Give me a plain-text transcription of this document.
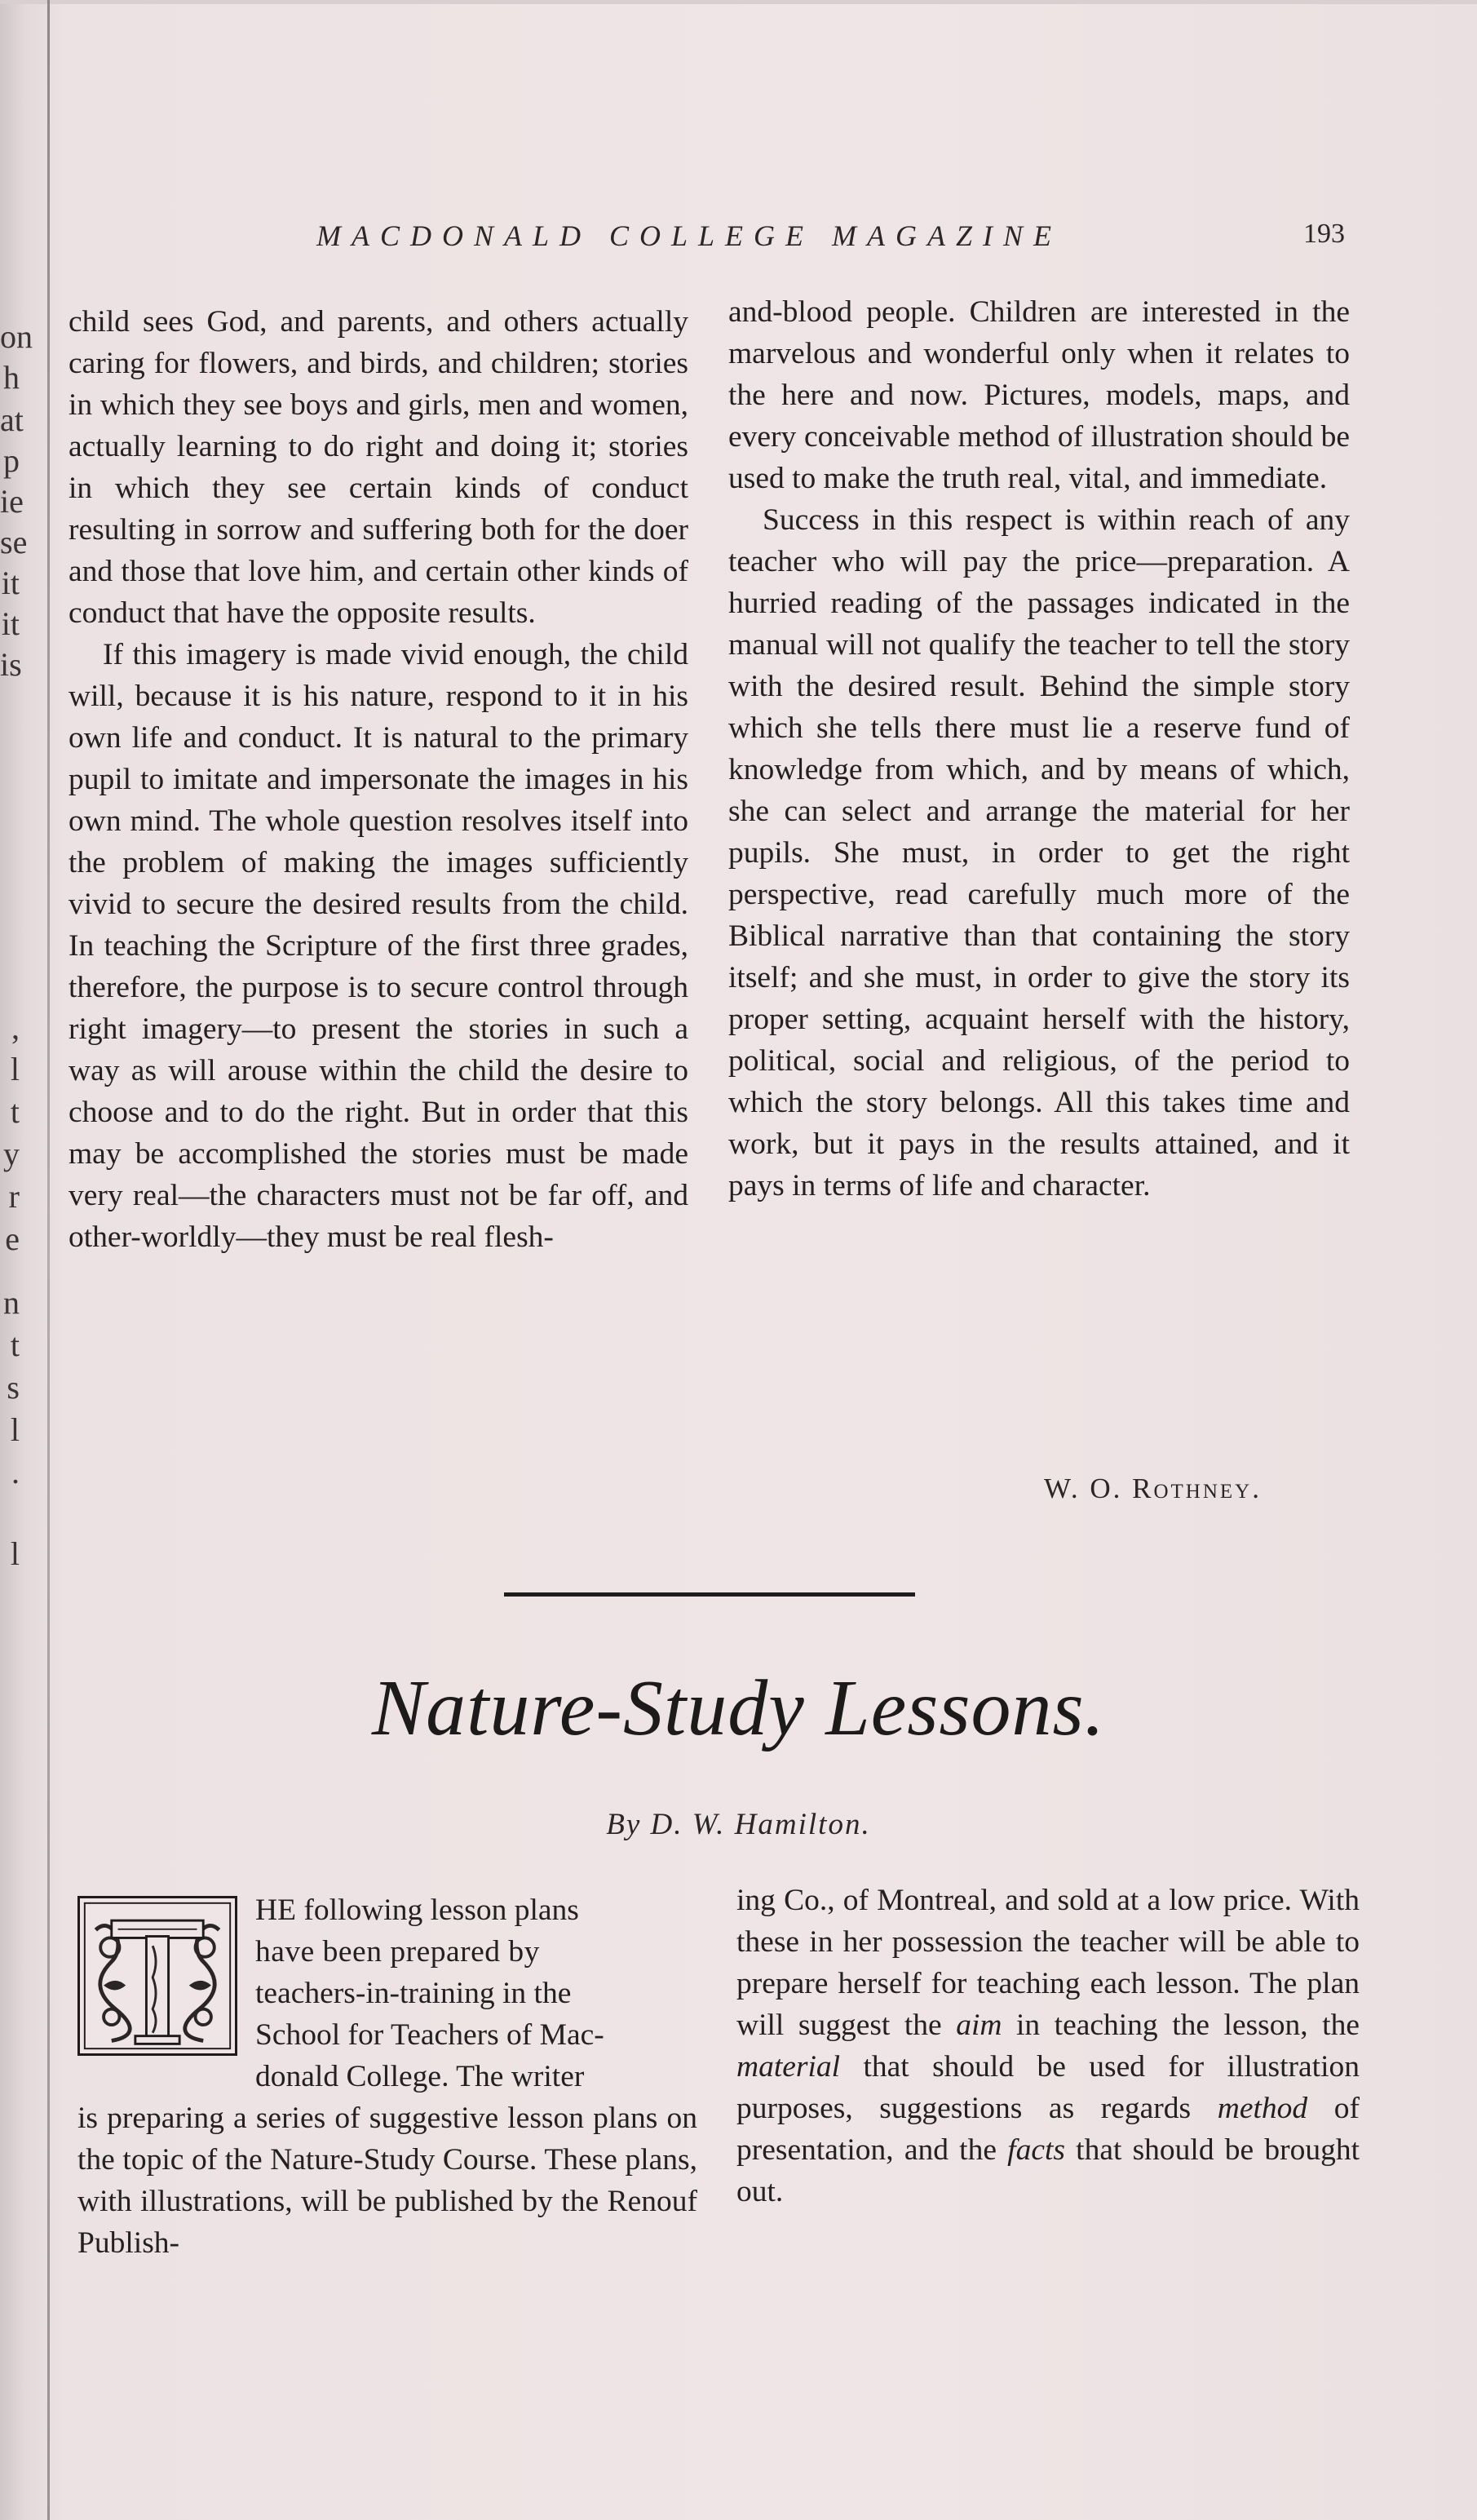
on
h
at
p
ie
se
it
it
is
,
l
t
y
r
e
n
t
s
l
.
l
MACDONALD COLLEGE MAGAZINE	193

child sees God, and parents, and others actually caring for flowers, and birds, and children; stories in which they see boys and girls, men and women, actually learning to do right and doing it; stories in which they see certain kinds of conduct resulting in sorrow and suffering both for the doer and those that love him, and certain other kinds of conduct that have the opposite results.

If this imagery is made vivid enough, the child will, because it is his nature, respond to it in his own life and conduct. It is natural to the primary pupil to imitate and impersonate the images in his own mind. The whole question resolves itself into the problem of making the images sufficiently vivid to secure the desired results from the child. In teaching the Scripture of the first three grades, therefore, the purpose is to secure control through right imagery—to present the stories in such a way as will arouse within the child the desire to choose and to do the right. But in order that this may be accomplished the stories must be made very real—the characters must not be far off, and other-worldly—they must be real flesh-

and-blood people. Children are interested in the marvelous and wonderful only when it relates to the here and now. Pictures, models, maps, and every conceivable method of illustration should be used to make the truth real, vital, and immediate.

Success in this respect is within reach of any teacher who will pay the price—preparation. A hurried reading of the passages indicated in the manual will not qualify the teacher to tell the story with the desired result. Behind the simple story which she tells there must lie a reserve fund of knowledge from which, and by means of which, she can select and arrange the material for her pupils. She must, in order to get the right perspective, read carefully much more of the Biblical narrative than that containing the story itself; and she must, in order to give the story its proper setting, acquaint herself with the history, political, social and religious, of the period to which the story belongs. All this takes time and work, but it pays in the results attained, and it pays in terms of life and character.

W. O. Rothney.
Nature-Study Lessons.
By D. W. Hamilton.

HE following lesson plans

have been prepared by

teachers-in-training in the

School for Teachers of Mac-

donald College. The writer

is preparing a series of suggestive lesson plans on the topic of the Nature-Study Course. These plans, with illustrations, will be published by the Renouf Publish-

ing Co., of Montreal, and sold at a low price. With these in her possession the teacher will be able to prepare herself for teaching each lesson. The plan will suggest the aim in teaching the lesson, the material that should be used for illustration purposes, suggestions as regards method of presentation, and the facts that should be brought out.
